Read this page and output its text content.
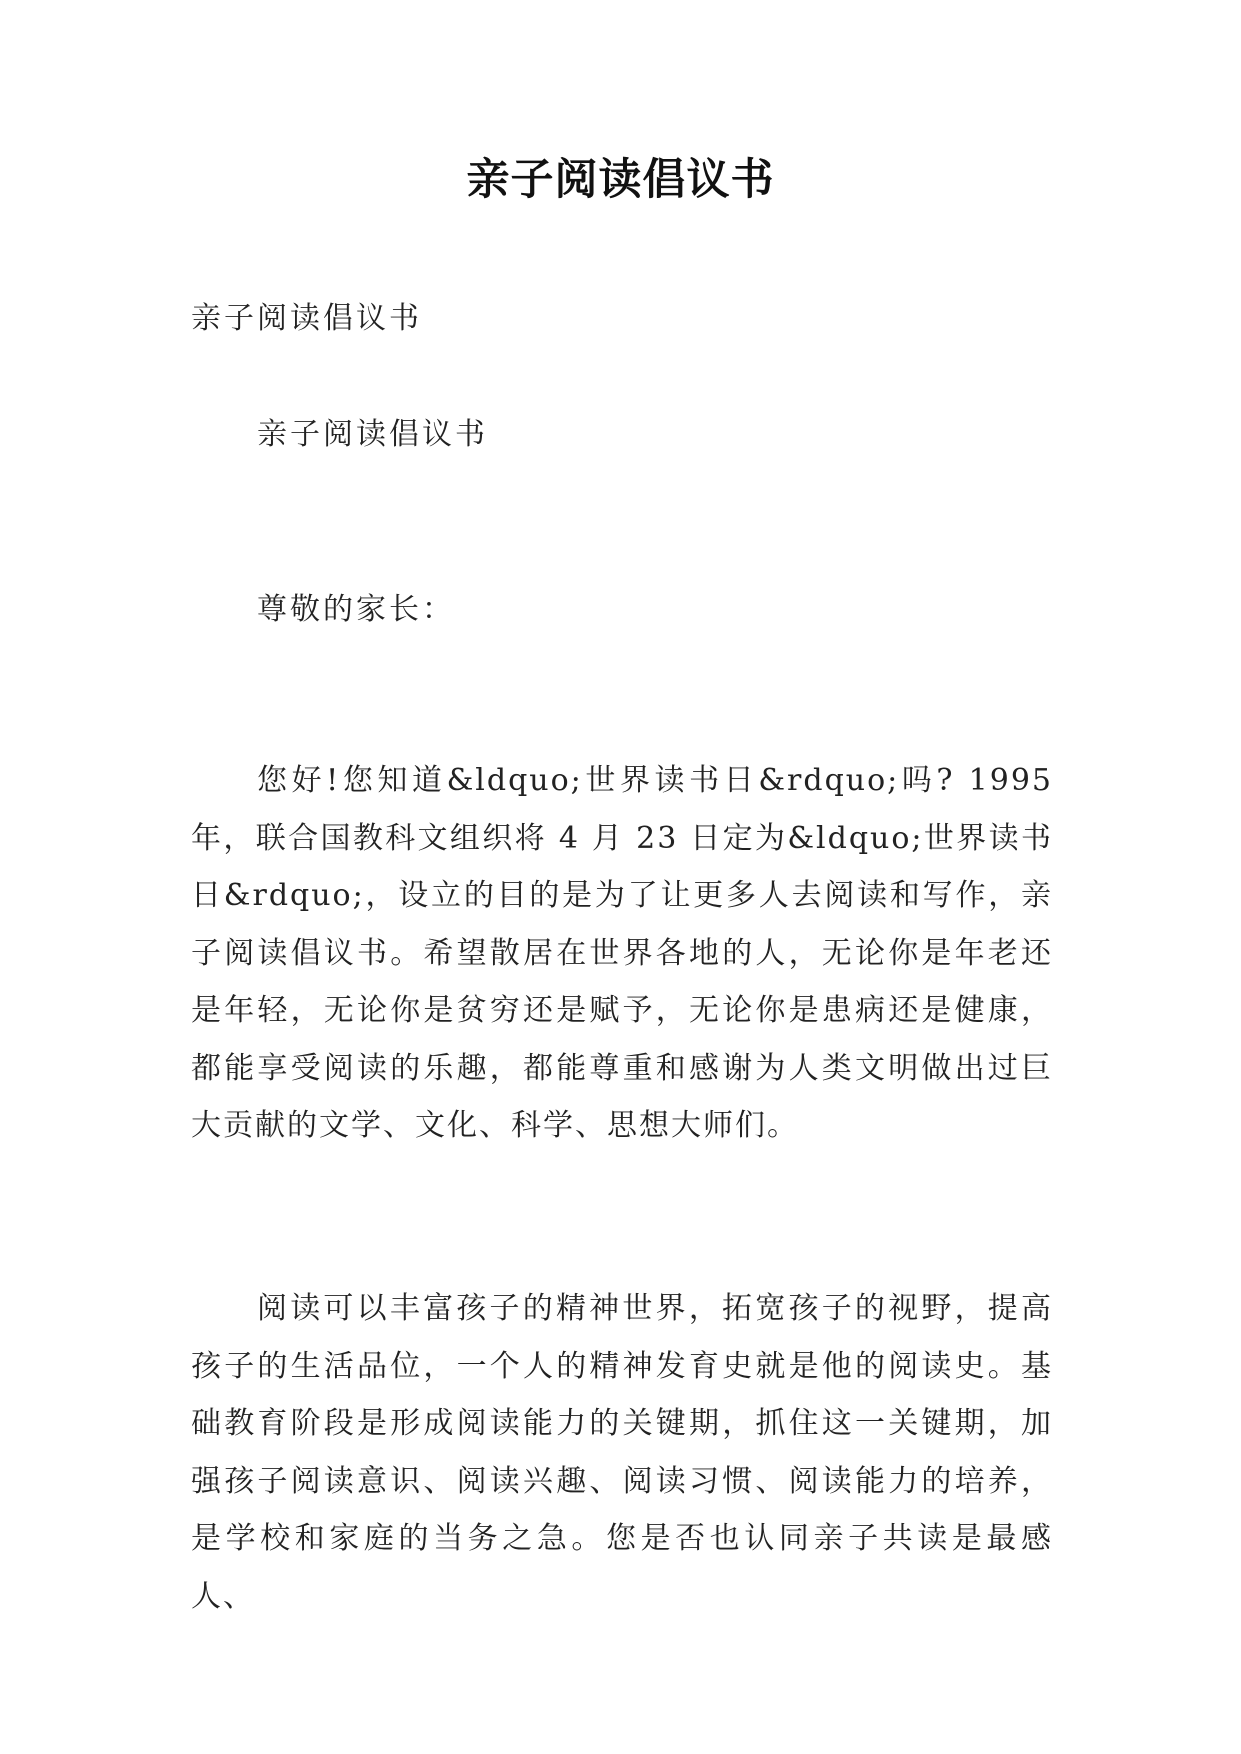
亲子阅读倡议书
亲子阅读倡议书
亲子阅读倡议书
尊敬的家长：
您好!您知道&ldquo;世界读书日&rdquo;吗? 1995 年，联合国教科文组织将 4 月 23 日定为&ldquo;世界读书日&rdquo;，设立的目的是为了让更多人去阅读和写作，亲子阅读倡议书。希望散居在世界各地的人，无论你是年老还是年轻，无论你是贫穷还是赋予，无论你是患病还是健康，都能享受阅读的乐趣，都能尊重和感谢为人类文明做出过巨大贡献的文学、文化、科学、思想大师们。
阅读可以丰富孩子的精神世界，拓宽孩子的视野，提高孩子的生活品位，一个人的精神发育史就是他的阅读史。基础教育阶段是形成阅读能力的关键期，抓住这一关键期，加强孩子阅读意识、阅读兴趣、阅读习惯、阅读能力的培养，是学校和家庭的当务之急。您是否也认同亲子共读是最感人、
